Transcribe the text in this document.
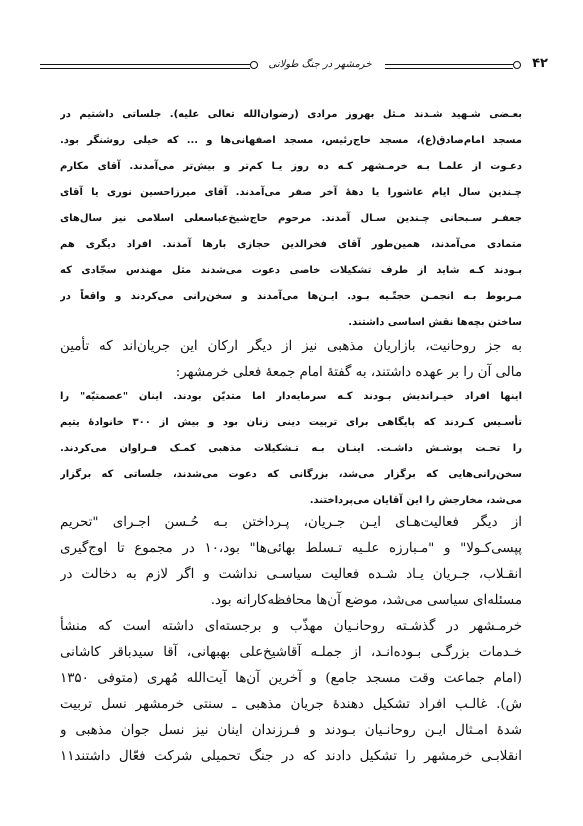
۴۲
خرمشهر در جنگ طولانی
بعـضی شـهید شـدند مـثل بهروز مرادی (رضوان‌الله تعالی علیه). جلساتی داشتیم در
مسجد امام‌صادق(ع)، مسجد حاج‌رئیس، مسجد اصفهانی‌ها و ... که خیلی روشنگر بود.
دعـوت از علمـا بـه خرمـشهر کـه ده روز یـا کم‌تر و بیش‌تر می‌آمدند. آقای مکارم
چـندین سال ایام عاشورا یا دهۀ آخر صفر می‌آمدند. آقای میرزاحسین نوری یا آقای
جعفـر سـبحانی چـندین سـال آمدند. مرحوم حاج‌شیخ‌عباسعلی اسلامی نیز سال‌های
متمادی می‌آمدند، همین‌طور آقای فخرالدین حجازی بارها آمدند. افراد دیگری هم
بـودند کـه شاید از طرف تشکیلات خاصی دعوت می‌شدند مثل مهندس سجّادی که
مـربوط بـه انجمـن حجتّـیه بـود. ایـن‌ها می‌آمدند و سخن‌رانی می‌کردند و واقعاً در
ساختن بچه‌ها نقش اساسی داشتند.
به جز روحانیت، بازاریان مذهبی نیز از دیگر ارکان این جریان‌اند که تأمین
مالی آن را بر عهده داشتند، به گفتۀ امام جمعۀ فعلی خرمشهر:
اینها افراد خیـراندیش بـودند کـه سرمایه‌دار اما متدیّن بودند. اینان "عصمتیّه" را
تأسـیس کـردند که پایگاهی برای تربیت دینی زنان بود و بیش از ۳۰۰ خانوادۀ یتیم
را تحـت پوشـش داشـت. اینـان بـه تـشکیلات مذهبی کمـک فـراوان می‌کردند.
سخن‌رانی‌هایی که برگزار می‌شد، بزرگانی که دعوت می‌شدند، جلساتی که برگزار
می‌شد، مخارجش را این آقایان می‌پرداختند.
از دیگر فعالیت‌هـای ایـن جـریان، پـرداختن بـه حُـسن اجـرای "تحریم
پپسی‌کـولا" و "مـبارزه علـیه تـسلط بهائی‌ها" بود،۱۰ در مجموع تا اوج‌گیری
انقـلاب، جـریان یـاد شـده فعالیت سیاسـی نداشت و اگر لازم به دخالت در
مسئله‌ای سیاسی می‌شد، موضع آن‌ها محافظه‌کارانه بود.
خرمـشهر در گذشـته روحانـیان مهذّب و برجسته‌ای داشته است که منشأ
خـدمات بزرگـی بـوده‌انـد، از جملـه آقاشیخ‌علی بهبهانی، آقا سیدباقر کاشانی
(امام جماعت وقت مسجد جامع) و آخرین آن‌ها آیت‌الله مُهری (متوفی ۱۳۵۰
ش). غالـب افراد تشکیل دهندۀ جریان مذهبی ـ سنتی خرمشهر نسل تربیت
شدۀ امـثال ایـن روحانـیان بـودند و فـرزندان اینان نیز نسل جوان مذهبی و
انقلابـی خرمشهر را تشکیل دادند که در جنگ تحمیلی شرکت فعّال داشتند۱۱
